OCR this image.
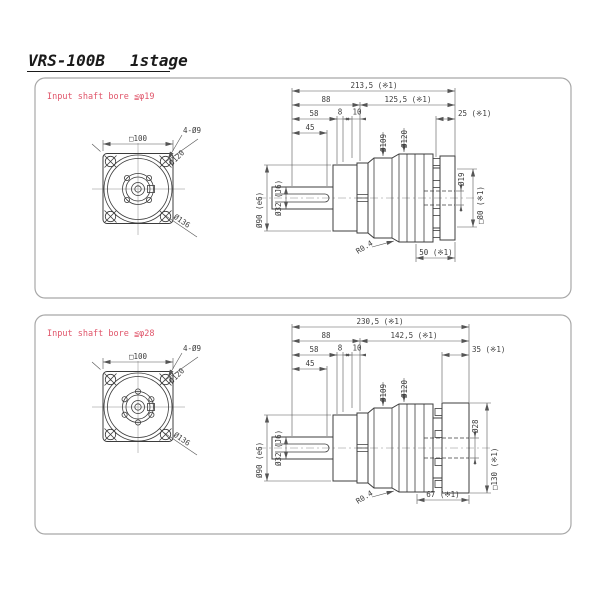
VRS-100B 1stage
Input shaft bore ≦φ19
□100
4-Ø9
Ø120
Ø136
213,5 (※1)
88	125,5 (※1)
58	8 10	25 (※1)
45
Ø90 (e6) Ø32 (J6)
Ø109 Ø120
R0.4
Ø19
□80 (※1)
50 (※1)
Input shaft bore ≦φ28
□100
4-Ø9
Ø120
Ø136
230,5 (※1)
88	142,5 (※1)
58	8 10	35 (※1)
45
Ø90 (e6) Ø32 (J6)
Ø109 Ø120
R0.4
Ø28
□130 (※1)
67 (※1)
